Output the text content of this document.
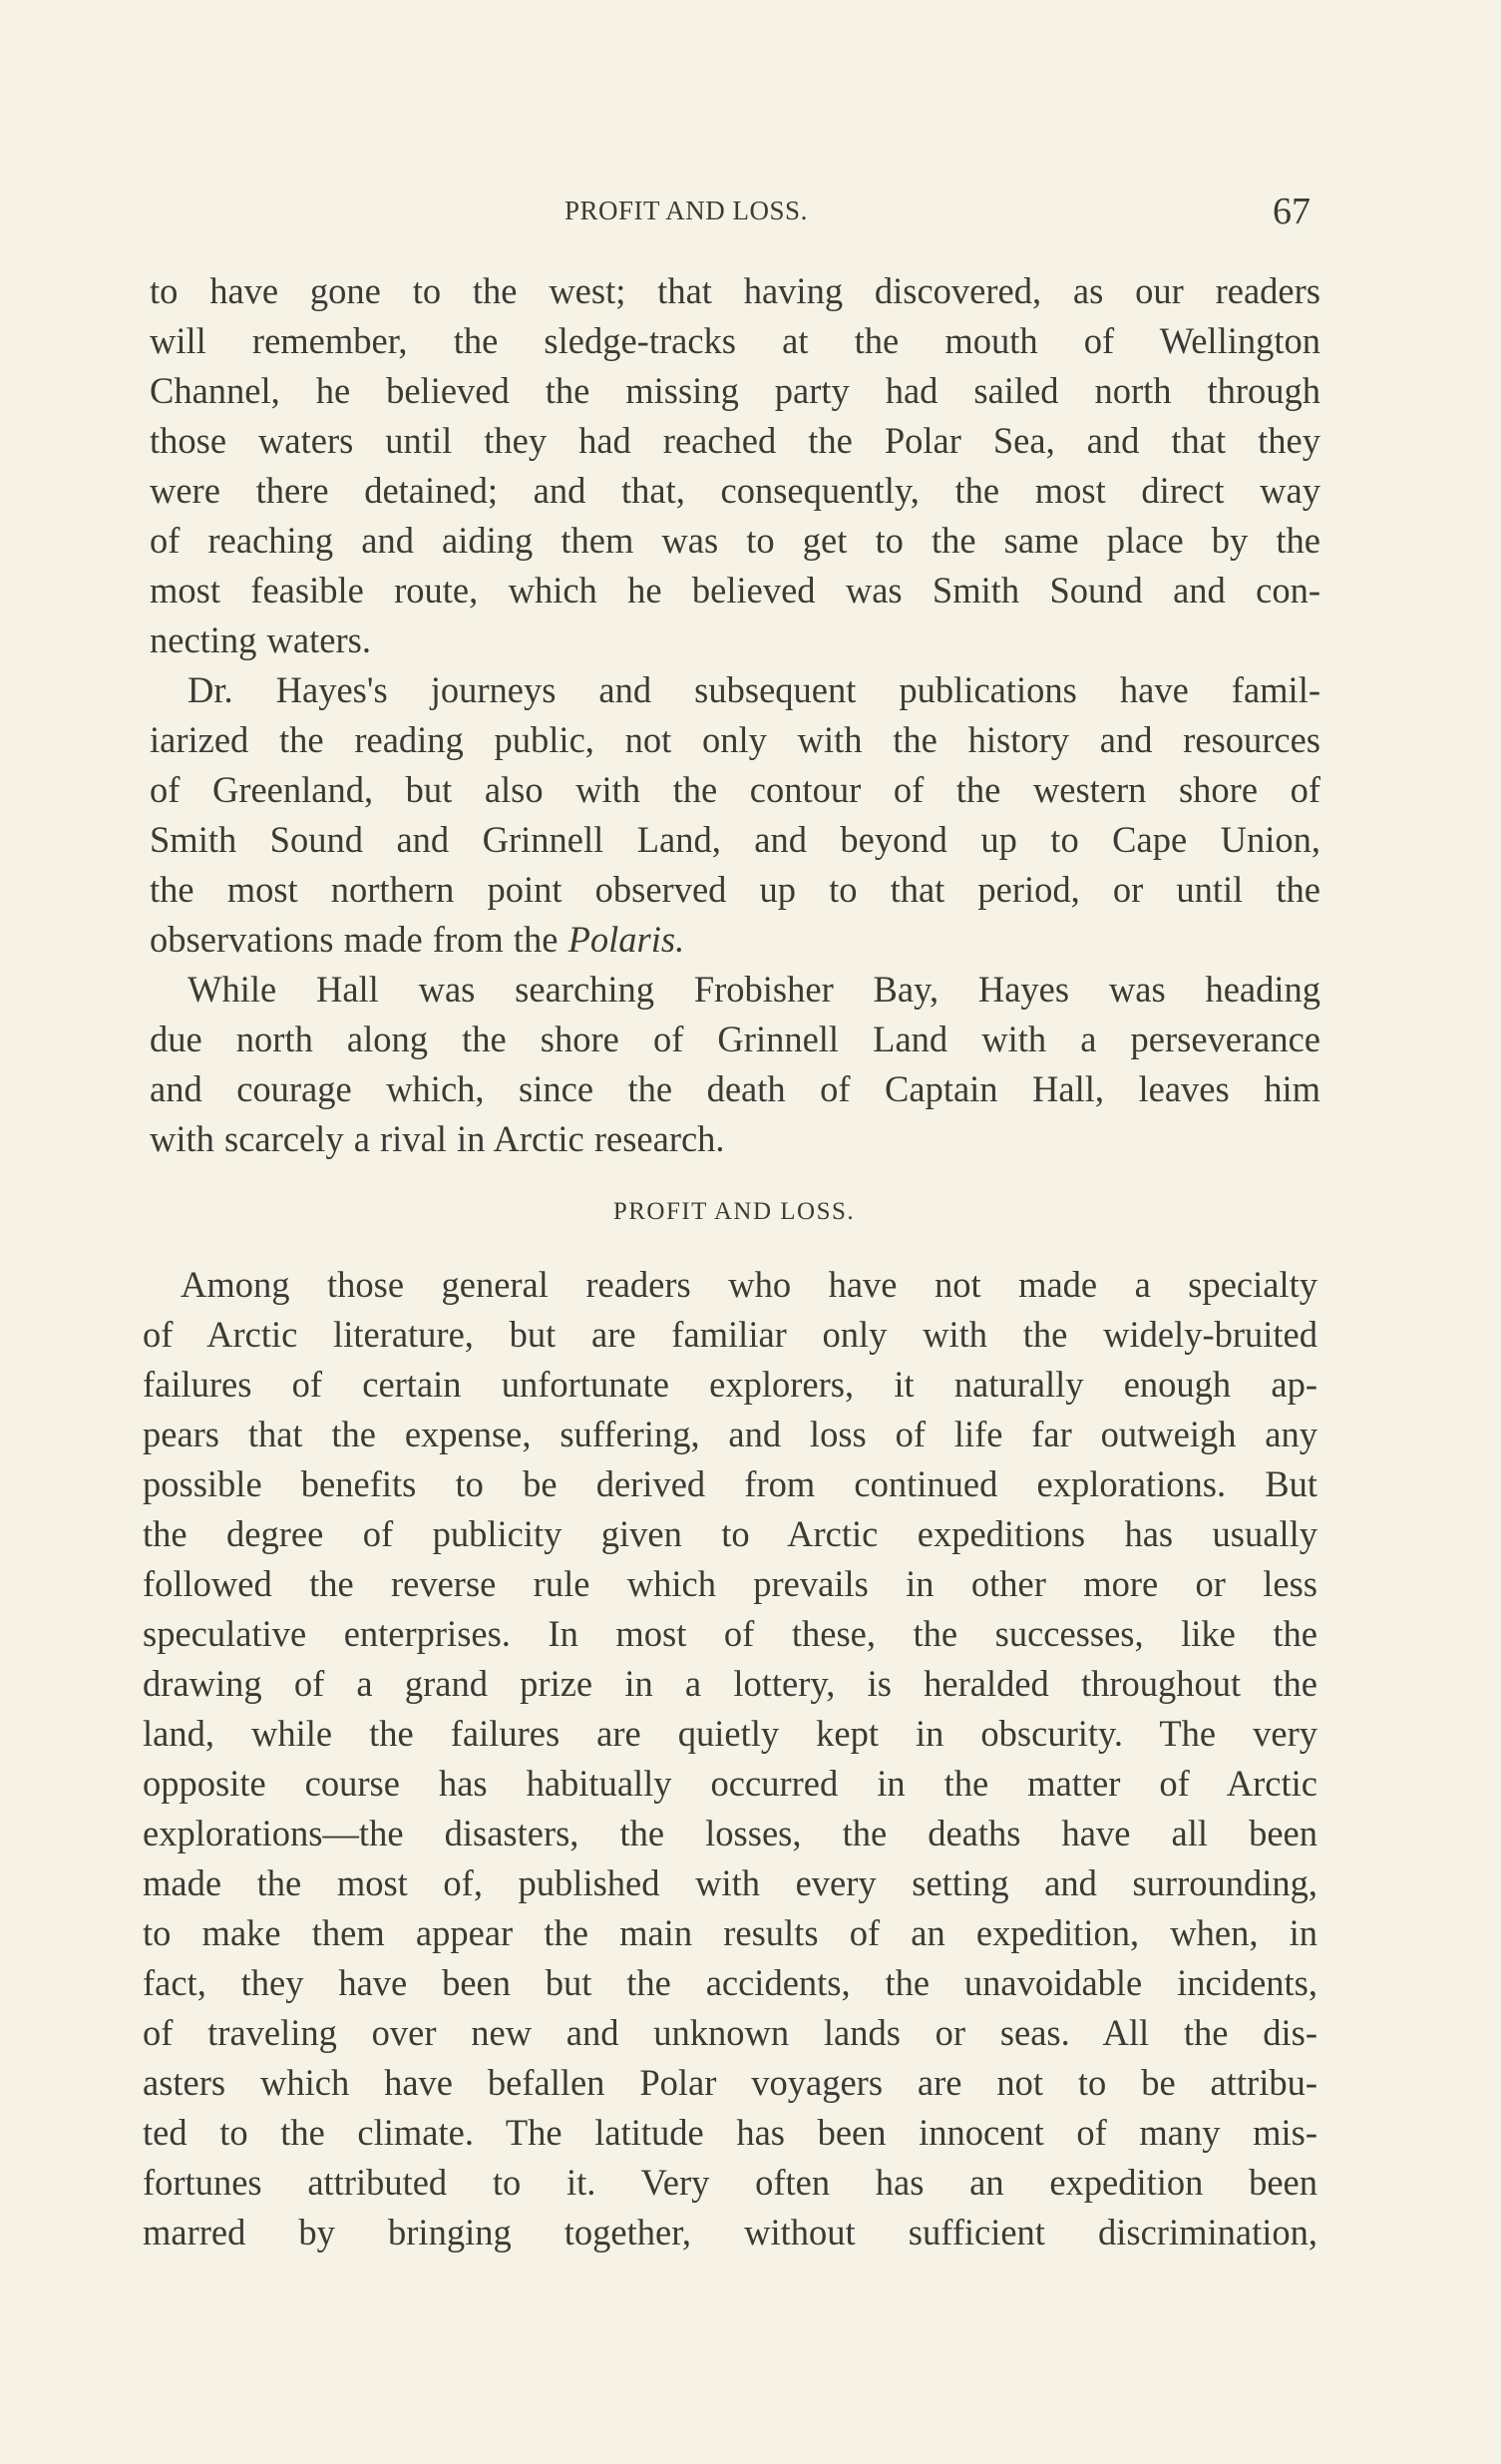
PROFIT AND LOSS.	67
to have gone to the west; that having discovered, as our readers
will remember, the sledge-tracks at the mouth of Wellington
Channel, he believed the missing party had sailed north through
those waters until they had reached the Polar Sea, and that they
were there detained; and that, consequently, the most direct way
of reaching and aiding them was to get to the same place by the
most feasible route, which he believed was Smith Sound and con-
necting waters.
Dr. Hayes's journeys and subsequent publications have famil-
iarized the reading public, not only with the history and resources
of Greenland, but also with the contour of the western shore of
Smith Sound and Grinnell Land, and beyond up to Cape Union,
the most northern point observed up to that period, or until the
observations made from the Polaris.
While Hall was searching Frobisher Bay, Hayes was heading
due north along the shore of Grinnell Land with a perseverance
and courage which, since the death of Captain Hall, leaves him
with scarcely a rival in Arctic research.
PROFIT AND LOSS.
Among those general readers who have not made a specialty
of Arctic literature, but are familiar only with the widely-bruited
failures of certain unfortunate explorers, it naturally enough ap-
pears that the expense, suffering, and loss of life far outweigh any
possible benefits to be derived from continued explorations. But
the degree of publicity given to Arctic expeditions has usually
followed the reverse rule which prevails in other more or less
speculative enterprises. In most of these, the successes, like the
drawing of a grand prize in a lottery, is heralded throughout the
land, while the failures are quietly kept in obscurity. The very
opposite course has habitually occurred in the matter of Arctic
explorations—the disasters, the losses, the deaths have all been
made the most of, published with every setting and surrounding,
to make them appear the main results of an expedition, when, in
fact, they have been but the accidents, the unavoidable incidents,
of traveling over new and unknown lands or seas. All the dis-
asters which have befallen Polar voyagers are not to be attribu-
ted to the climate. The latitude has been innocent of many mis-
fortunes attributed to it. Very often has an expedition been
marred by bringing together, without sufficient discrimination,
